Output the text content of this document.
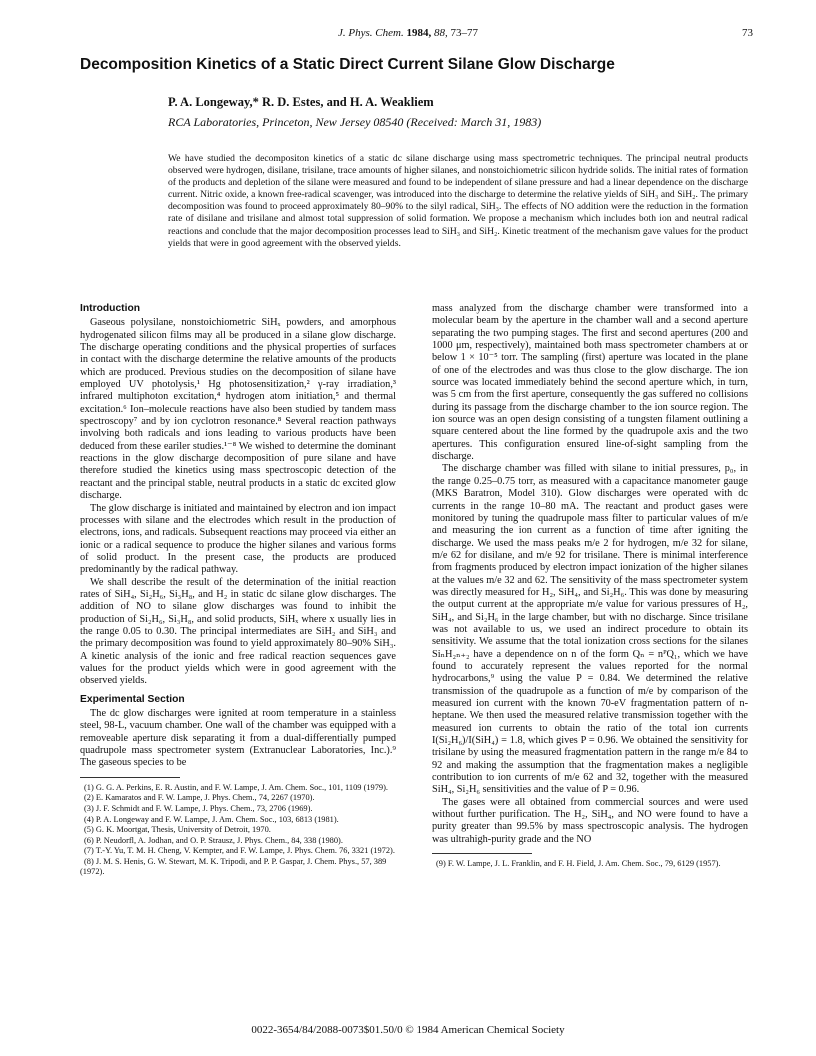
J. Phys. Chem. 1984, 88, 73–77	73
Decomposition Kinetics of a Static Direct Current Silane Glow Discharge
P. A. Longeway,* R. D. Estes, and H. A. Weakliem
RCA Laboratories, Princeton, New Jersey 08540 (Received: March 31, 1983)
We have studied the decompositon kinetics of a static dc silane discharge using mass spectrometric techniques. The principal neutral products observed were hydrogen, disilane, trisilane, trace amounts of higher silanes, and nonstoichiometric silicon hydride solids. The initial rates of formation of the products and depletion of the silane were measured and found to be independent of silane pressure and had a linear dependence on the discharge current. Nitric oxide, a known free-radical scavenger, was introduced into the discharge to determine the relative yields of SiH₃ and SiH₂. The primary decomposition was found to proceed approximately 80–90% to the silyl radical, SiH₃. The effects of NO addition were the reduction in the formation rate of disilane and trisilane and almost total suppression of solid formation. We propose a mechanism which includes both ion and neutral radical reactions and conclude that the major decomposition processes lead to SiH₃ and SiH₂. Kinetic treatment of the mechanism gave values for the product yields that were in good agreement with the observed yields.
Introduction

Gaseous polysilane, nonstoichiometric SiHₓ powders, and amorphous hydrogenated silicon films may all be produced in a silane glow discharge. The discharge operating conditions and the physical properties of surfaces in contact with the discharge determine the relative amounts of the products which are produced. Previous studies on the decomposition of silane have employed UV photolysis,¹ Hg photosensitization,² γ-ray irradiation,³ infrared multiphoton excitation,⁴ hydrogen atom initiation,⁵ and thermal excitation.⁶ Ion–molecule reactions have also been studied by tandem mass spectroscopy⁷ and by ion cyclotron resonance.⁸ Several reaction pathways involving both radicals and ions leading to various products have been deduced from these eariler studies.¹⁻⁸ We wished to determine the dominant reactions in the glow discharge decomposition of pure silane and have therefore studied the kinetics using mass spectroscopic detection of the reactant and the principal stable, neutral products in a static dc excited glow discharge.

The glow discharge is initiated and maintained by electron and ion impact processes with silane and the electrodes which result in the production of electrons, ions, and radicals. Subsequent reactions may proceed via either an ionic or a radical sequence to produce the higher silanes and various forms of solid product. In the present case, the products are produced predominantly by the radical pathway.

We shall describe the result of the determination of the initial reaction rates of SiH₄, Si₂H₆, Si₃H₈, and H₂ in static dc silane glow discharges. The addition of NO to silane glow discharges was found to inhibit the production of Si₂H₆, Si₃H₈, and solid products, SiHₓ where x usually lies in the range 0.05 to 0.30. The principal intermediates are SiH₂ and SiH₃ and the primary decomposition was found to yield approximately 80–90% SiH₃. A kinetic analysis of the ionic and free radical reaction sequences gave values for the product yields which were in good agreement with the observed yields.

Experimental Section

The dc glow discharges were ignited at room temperature in a stainless steel, 98-L, vacuum chamber. One wall of the chamber was equipped with a removeable aperture disk separating it from a dual-differentially pumped quadrupole mass spectrometer system (Extranuclear Laboratories, Inc.).⁹ The gaseous species to be

(1) G. G. A. Perkins, E. R. Austin, and F. W. Lampe, J. Am. Chem. Soc., 101, 1109 (1979).
(2) E. Kamaratos and F. W. Lampe, J. Phys. Chem., 74, 2267 (1970).
(3) J. F. Schmidt and F. W. Lampe, J. Phys. Chem., 73, 2706 (1969).
(4) P. A. Longeway and F. W. Lampe, J. Am. Chem. Soc., 103, 6813 (1981).
(5) G. K. Moortgat, Thesis, University of Detroit, 1970.
(6) P. Neudorfl, A. Jodhan, and O. P. Strausz, J. Phys. Chem., 84, 338 (1980).
(7) T.-Y. Yu, T. M. H. Cheng, V. Kempter, and F. W. Lampe, J. Phys. Chem. 76, 3321 (1972).
(8) J. M. S. Henis, G. W. Stewart, M. K. Tripodi, and P. P. Gaspar, J. Chem. Phys., 57, 389 (1972).

mass analyzed from the discharge chamber were transformed into a molecular beam by the aperture in the chamber wall and a second aperture separating the two pumping stages. The first and second apertures (200 and 1000 μm, respectively), maintained both mass spectrometer chambers at or below 1 × 10⁻⁵ torr. The sampling (first) aperture was located in the plane of one of the electrodes and was thus close to the glow discharge. The ion source was located immediately behind the second aperture which, in turn, was 5 cm from the first aperture, consequently the gas suffered no collisions during its passage from the discharge chamber to the ion source region. The ion source was an open design consisting of a tungsten filament outlining a square centered about the line formed by the quadrupole axis and the two apertures. This configuration ensured line-of-sight sampling from the discharge.

The discharge chamber was filled with silane to initial pressures, p₀, in the range 0.25–0.75 torr, as measured with a capacitance manometer gauge (MKS Baratron, Model 310). Glow discharges were operated with dc currents in the range 10–80 mA. The reactant and product gases were monitored by tuning the quadrupole mass filter to particular values of m/e and measuring the ion current as a function of time after igniting the discharge. We used the mass peaks m/e 2 for hydrogen, m/e 32 for silane, m/e 62 for disilane, and m/e 92 for trisilane. There is minimal interference from fragments produced by electron impact ionization of the higher silanes at the values m/e 32 and 62. The sensitivity of the mass spectrometer system was directly measured for H₂, SiH₄, and Si₂H₆. This was done by measuring the output current at the appropriate m/e value for various pressures of H₂, SiH₄, and Si₂H₆ in the large chamber, but with no discharge. Since trisilane was not available to us, we used an indirect procedure to obtain its sensitivity. We assume that the total ionization cross sections for the silanes SiₙH₂ₙ₊₂ have a dependence on n of the form Qₙ = nᴾQ₁, which we have found to accurately represent the values reported for the normal hydrocarbons,⁹ using the value P = 0.84. We determined the relative transmission of the quadrupole as a function of m/e by comparison of the measured ion current with the known 70-eV fragmentation pattern of n-heptane. We then used the measured relative transmission together with the measured ion currents to obtain the ratio of the total ion currents I(Si₂H₆)/I(SiH₄) = 1.8, which gives P = 0.96. We obtained the sensitivity for trisilane by using the measured fragmentation pattern in the range m/e 84 to 92 and making the assumption that the fragmentation makes a negligible contribution to ion currents of m/e 62 and 32, together with the measured SiH₄, Si₂H₆ sensitivities and the value of P = 0.96.

The gases were all obtained from commercial sources and were used without further purification. The H₂, SiH₄, and NO were found to have a purity greater than 99.5% by mass spectroscopic analysis. The hydrogen was ultrahigh-purity grade and the NO

(9) F. W. Lampe, J. L. Franklin, and F. H. Field, J. Am. Chem. Soc., 79, 6129 (1957).
0022-3654/84/2088-0073$01.50/0 © 1984 American Chemical Society
